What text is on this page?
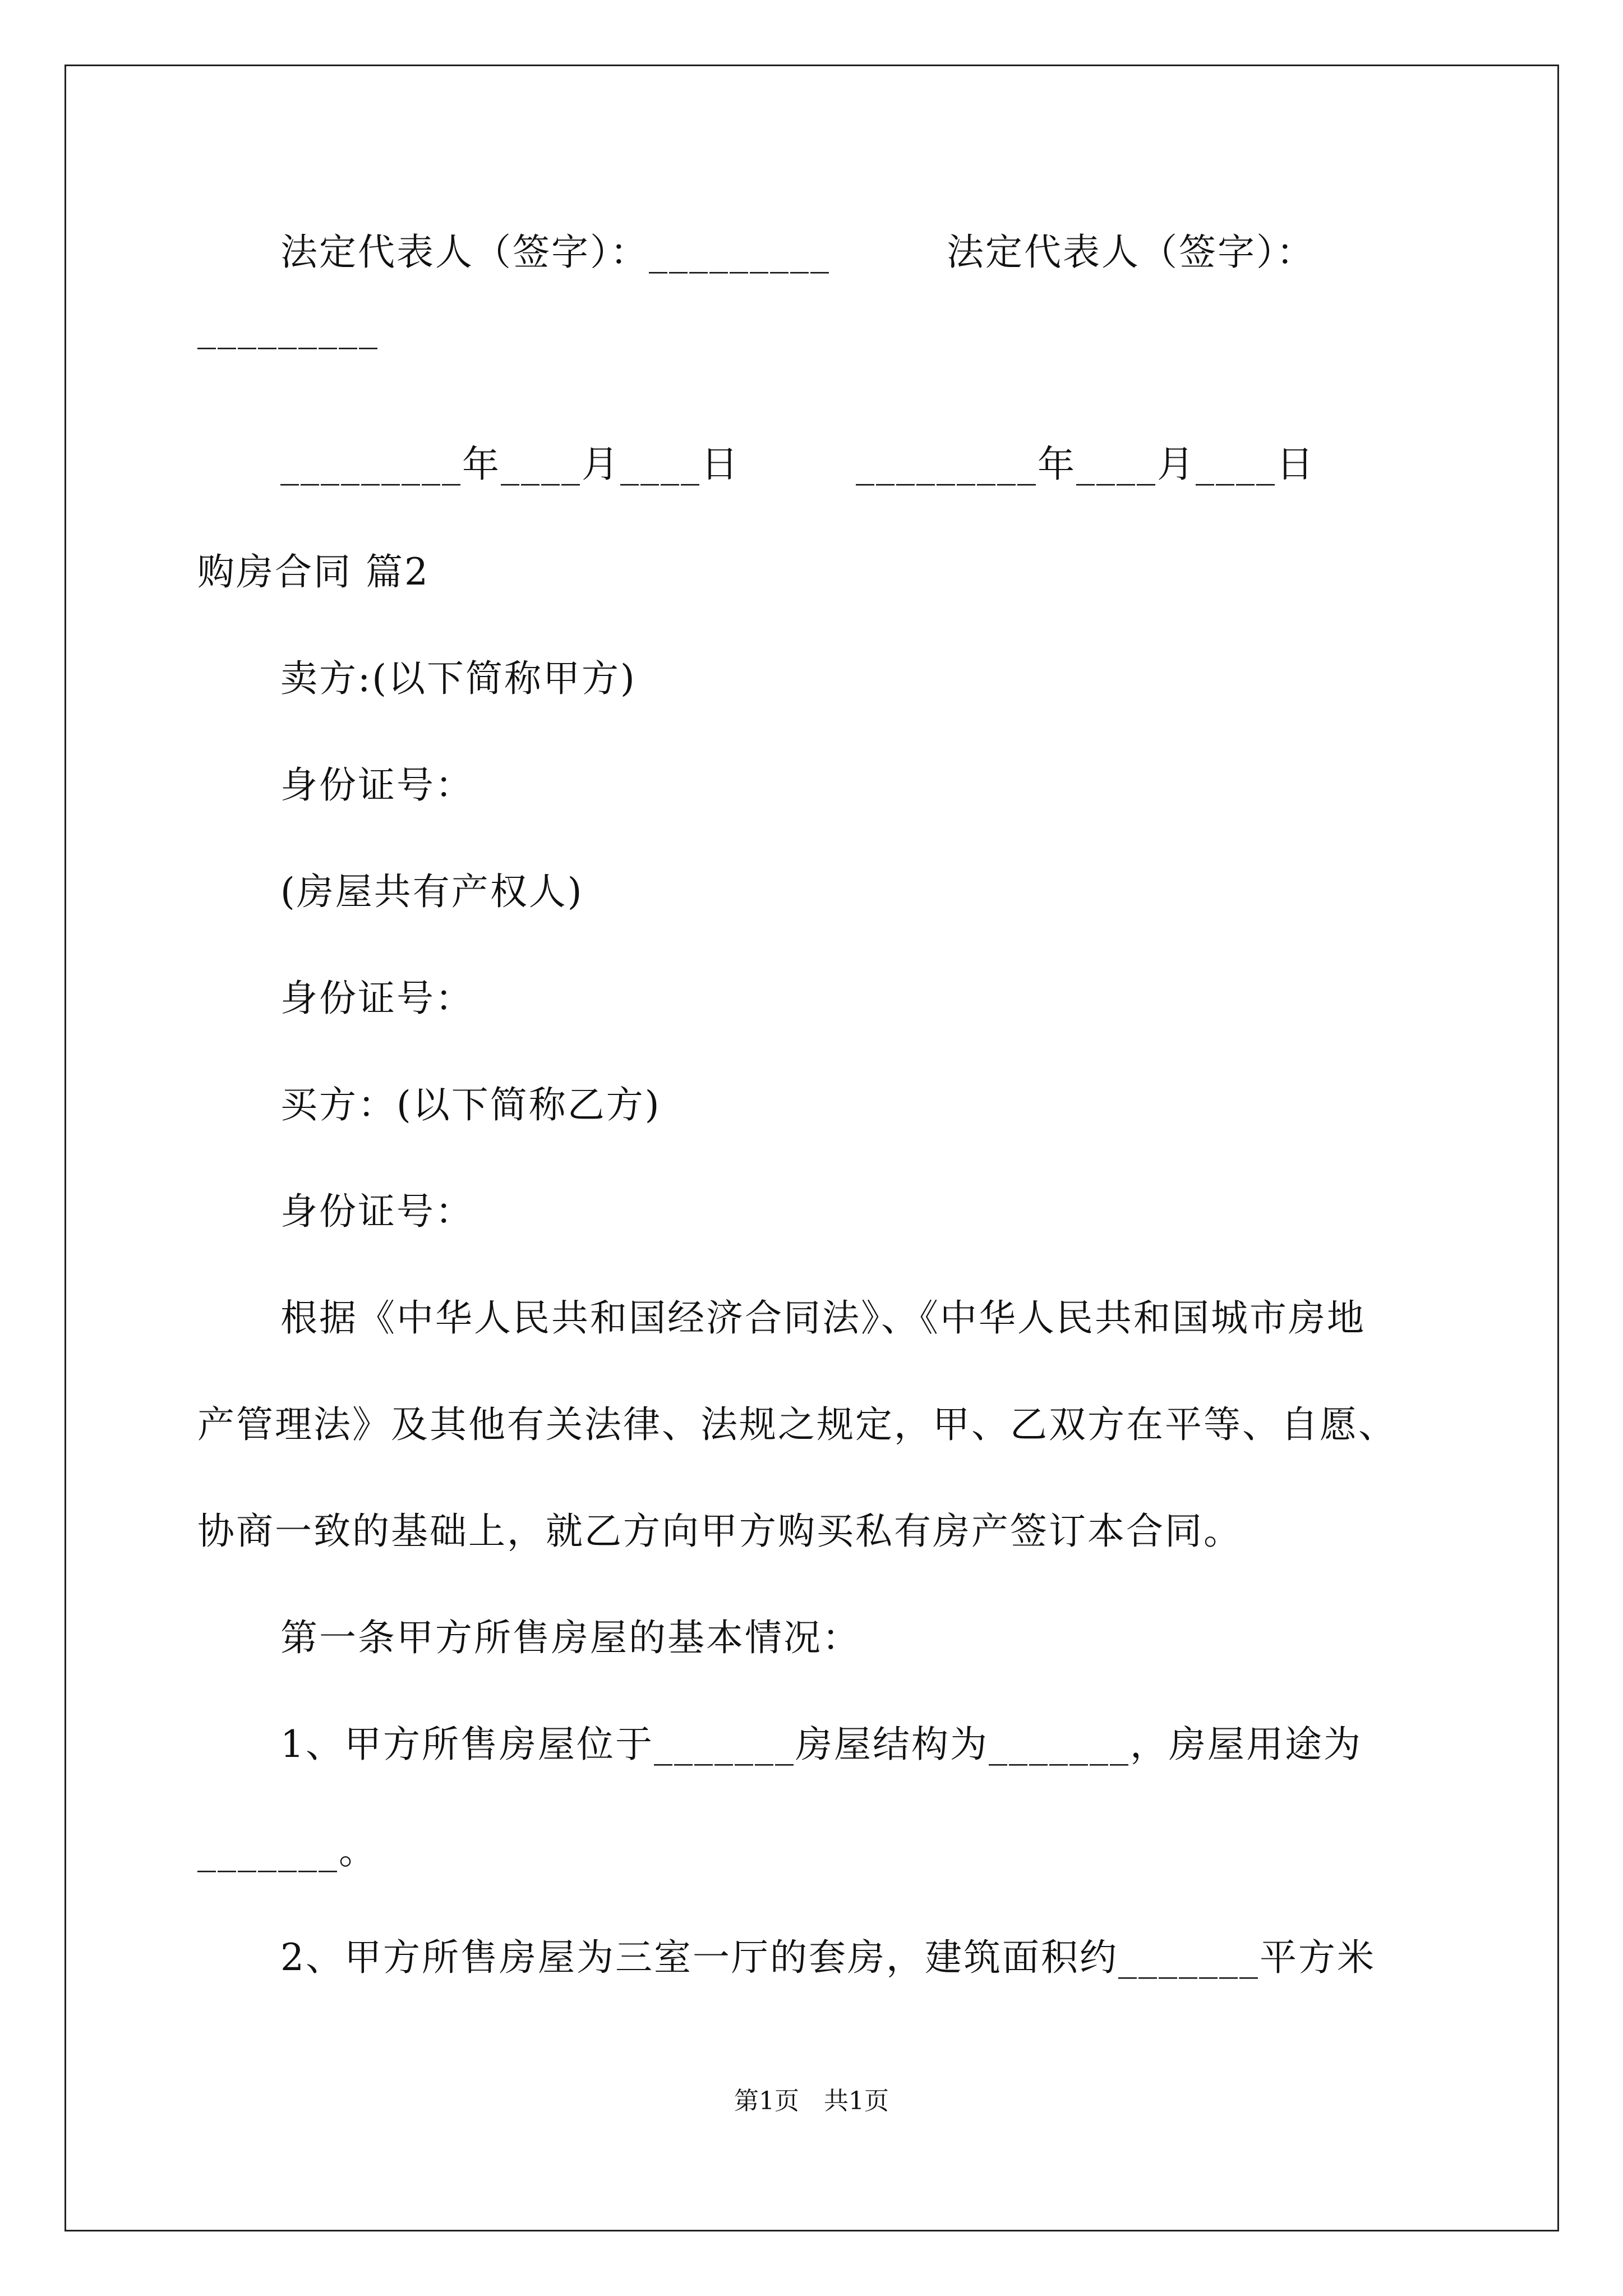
法定代表人（签字）：_________　　　法定代表人（签字）：
_________
_________年____月____日　　　_________年____月____日
购房合同 篇2
卖方:(以下简称甲方)
身份证号：
(房屋共有产权人)
身份证号：
买方：(以下简称乙方)
身份证号：
根据《中华人民共和国经济合同法》、《中华人民共和国城市房地
产管理法》及其他有关法律、法规之规定，甲、乙双方在平等、自愿、
协商一致的基础上，就乙方向甲方购买私有房产签订本合同。
第一条甲方所售房屋的基本情况：
1、甲方所售房屋位于_______房屋结构为_______，房屋用途为
_______。
2、甲方所售房屋为三室一厅的套房，建筑面积约_______平方米
第1页　共1页
